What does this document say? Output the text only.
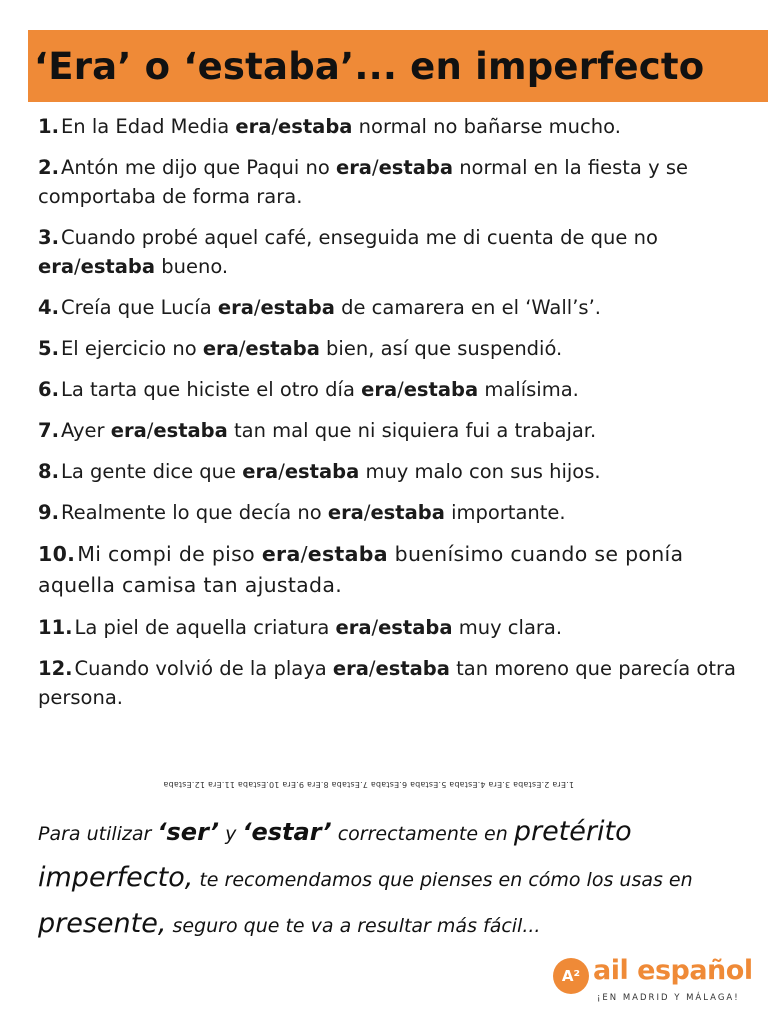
‘Era’ o ‘estaba’... en imperfecto
1. En la Edad Media era/estaba normal no bañarse mucho.
2. Antón me dijo que Paqui no era/estaba normal en la fiesta y se comportaba de forma rara.
3. Cuando probé aquel café, enseguida me di cuenta de que no era/estaba bueno.
4. Creía que Lucía era/estaba de camarera en el ‘Wall’s’.
5. El ejercicio no era/estaba bien, así que suspendió.
6. La tarta que hiciste el otro día era/estaba malísima.
7. Ayer era/estaba tan mal que ni siquiera fui a trabajar.
8. La gente dice que era/estaba muy malo con sus hijos.
9. Realmente lo que decía no era/estaba importante.
10.Mi compi de piso era/estaba buenísimo cuando se ponía aquella camisa tan ajustada.
11. La piel de aquella criatura era/estaba muy clara.
12. Cuando volvió de la playa era/estaba tan moreno que parecía otra persona.
1.Era 2.Estaba 3.Era 4.Estaba 5.Estaba 6.Estaba 7.Estaba 8.Era 9.Era 10.Estaba 11.Era 12.Estaba
Para utilizar ‘ser’ y ‘estar’ correctamente en pretérito imperfecto, te recomendamos que pienses en cómo los usas en presente, seguro que te va a resultar más fácil...
A² ail español
¡EN MADRID Y MÁLAGA!
